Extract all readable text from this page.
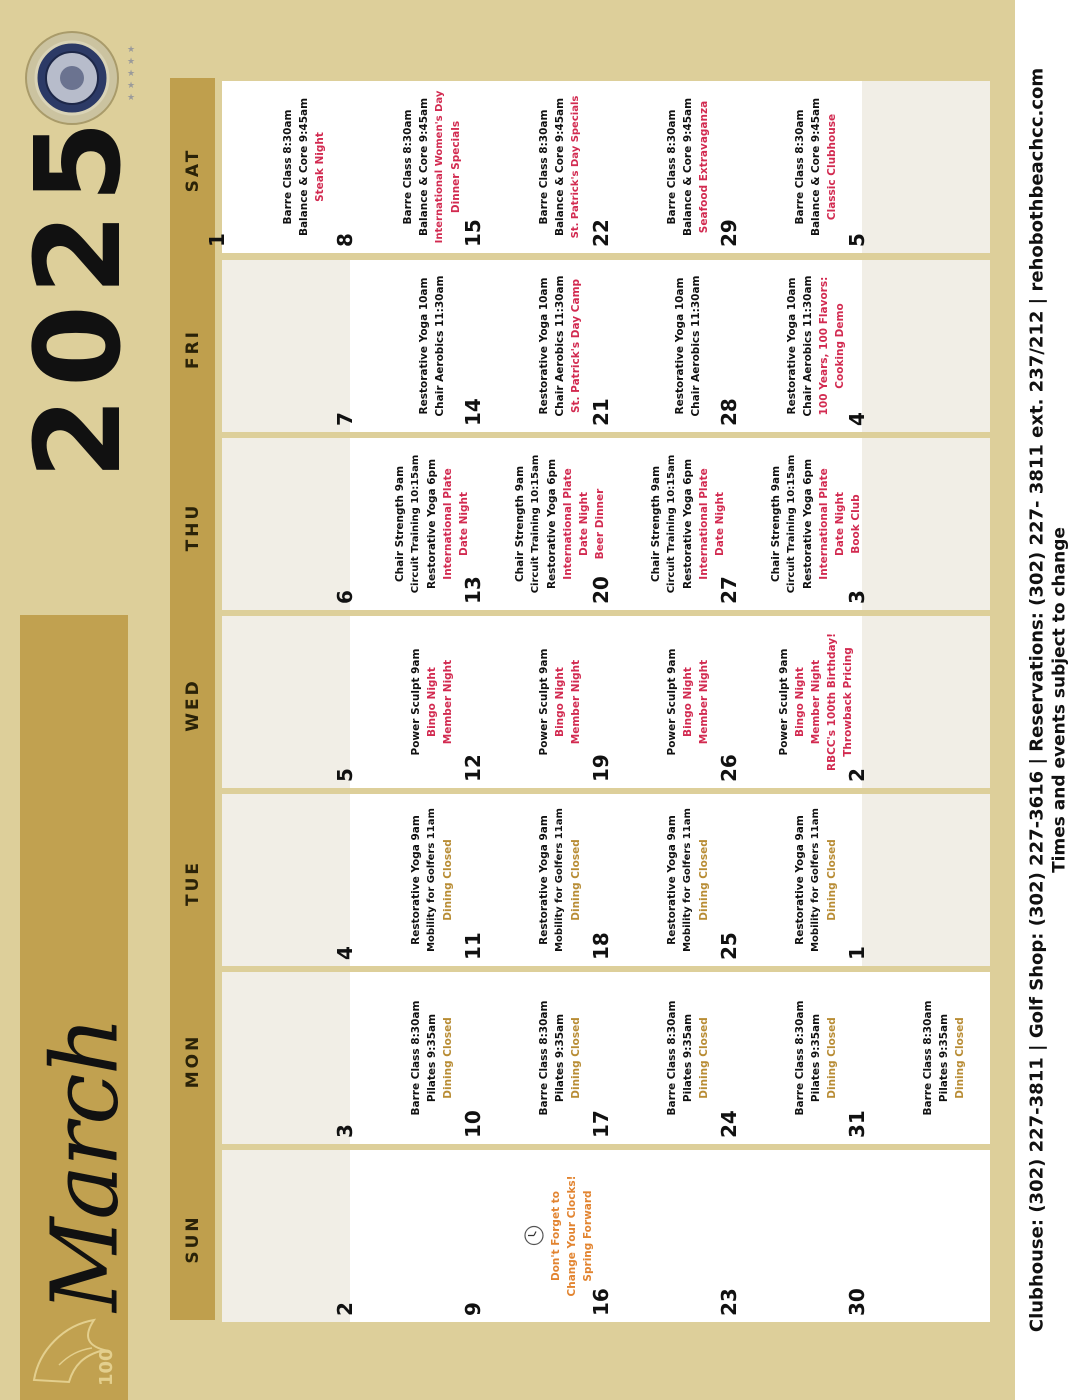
★
★
★
★
★
2025
March
100
SUN
MON
TUE
WED
THU
FRI
SAT
1
Barre Class 8:30am Balance & Core 9:45am Steak Night
2
3
Barre Class 8:30am Pilates 9:35am Dining Closed
4
Restorative Yoga 9am Mobility for Golfers 11am Dining Closed
5
Power Sculpt 9am Bingo Night Member Night
6
Chair Strength 9am Circuit Training 10:15am Restorative Yoga 6pm International Plate Date Night
7
Restorative Yoga 10am Chair Aerobics 11:30am
8
Barre Class 8:30am Balance & Core 9:45am International Women's Day Dinner Specials
9
Don't Forget to Change Your Clocks! Spring Forward
10
Barre Class 8:30am Pilates 9:35am Dining Closed
11
Restorative Yoga 9am Mobility for Golfers 11am Dining Closed
12
Power Sculpt 9am Bingo Night Member Night
13
Chair Strength 9am Circuit Training 10:15am Restorative Yoga 6pm International Plate Date Night Beer Dinner
14	Restorative Yoga 10am Chair Aerobics 11:30am St. Patrick's Day Camp
15
Barre Class 8:30am Balance & Core 9:45am St. Patrick's Day Specials
16
17
Barre Class 8:30am Pilates 9:35am Dining Closed
18
Restorative Yoga 9am Mobility for Golfers 11am Dining Closed
19
Power Sculpt 9am Bingo Night Member Night
20
Chair Strength 9am Circuit Training 10:15am Restorative Yoga 6pm International Plate Date Night
21	Restorative Yoga 10am Chair Aerobics 11:30am
22
Barre Class 8:30am Balance & Core 9:45am Seafood Extravaganza
23
24
Barre Class 8:30am Pilates 9:35am Dining Closed
25
Restorative Yoga 9am Mobility for Golfers 11am Dining Closed
26
Power Sculpt 9am Bingo Night Member Night RBCC's 100th Birthday! Throwback Pricing
27
Chair Strength 9am Circuit Training 10:15am Restorative Yoga 6pm International Plate Date Night Book Club
28	Restorative Yoga 10am Chair Aerobics 11:30am 100 Years, 100 Flavors: Cooking Demo
29
Barre Class 8:30am Balance & Core 9:45am Classic Clubhouse
30
31
Barre Class 8:30am Pilates 9:35am Dining Closed
1
2
3
4
5	Clubhouse: (302) 227-3811 | Golf Shop: (302) 227-3616 | Reservations: (302) 227- 3811 ext. 237/212 | rehobothbeachcc.com Times and events subject to change
